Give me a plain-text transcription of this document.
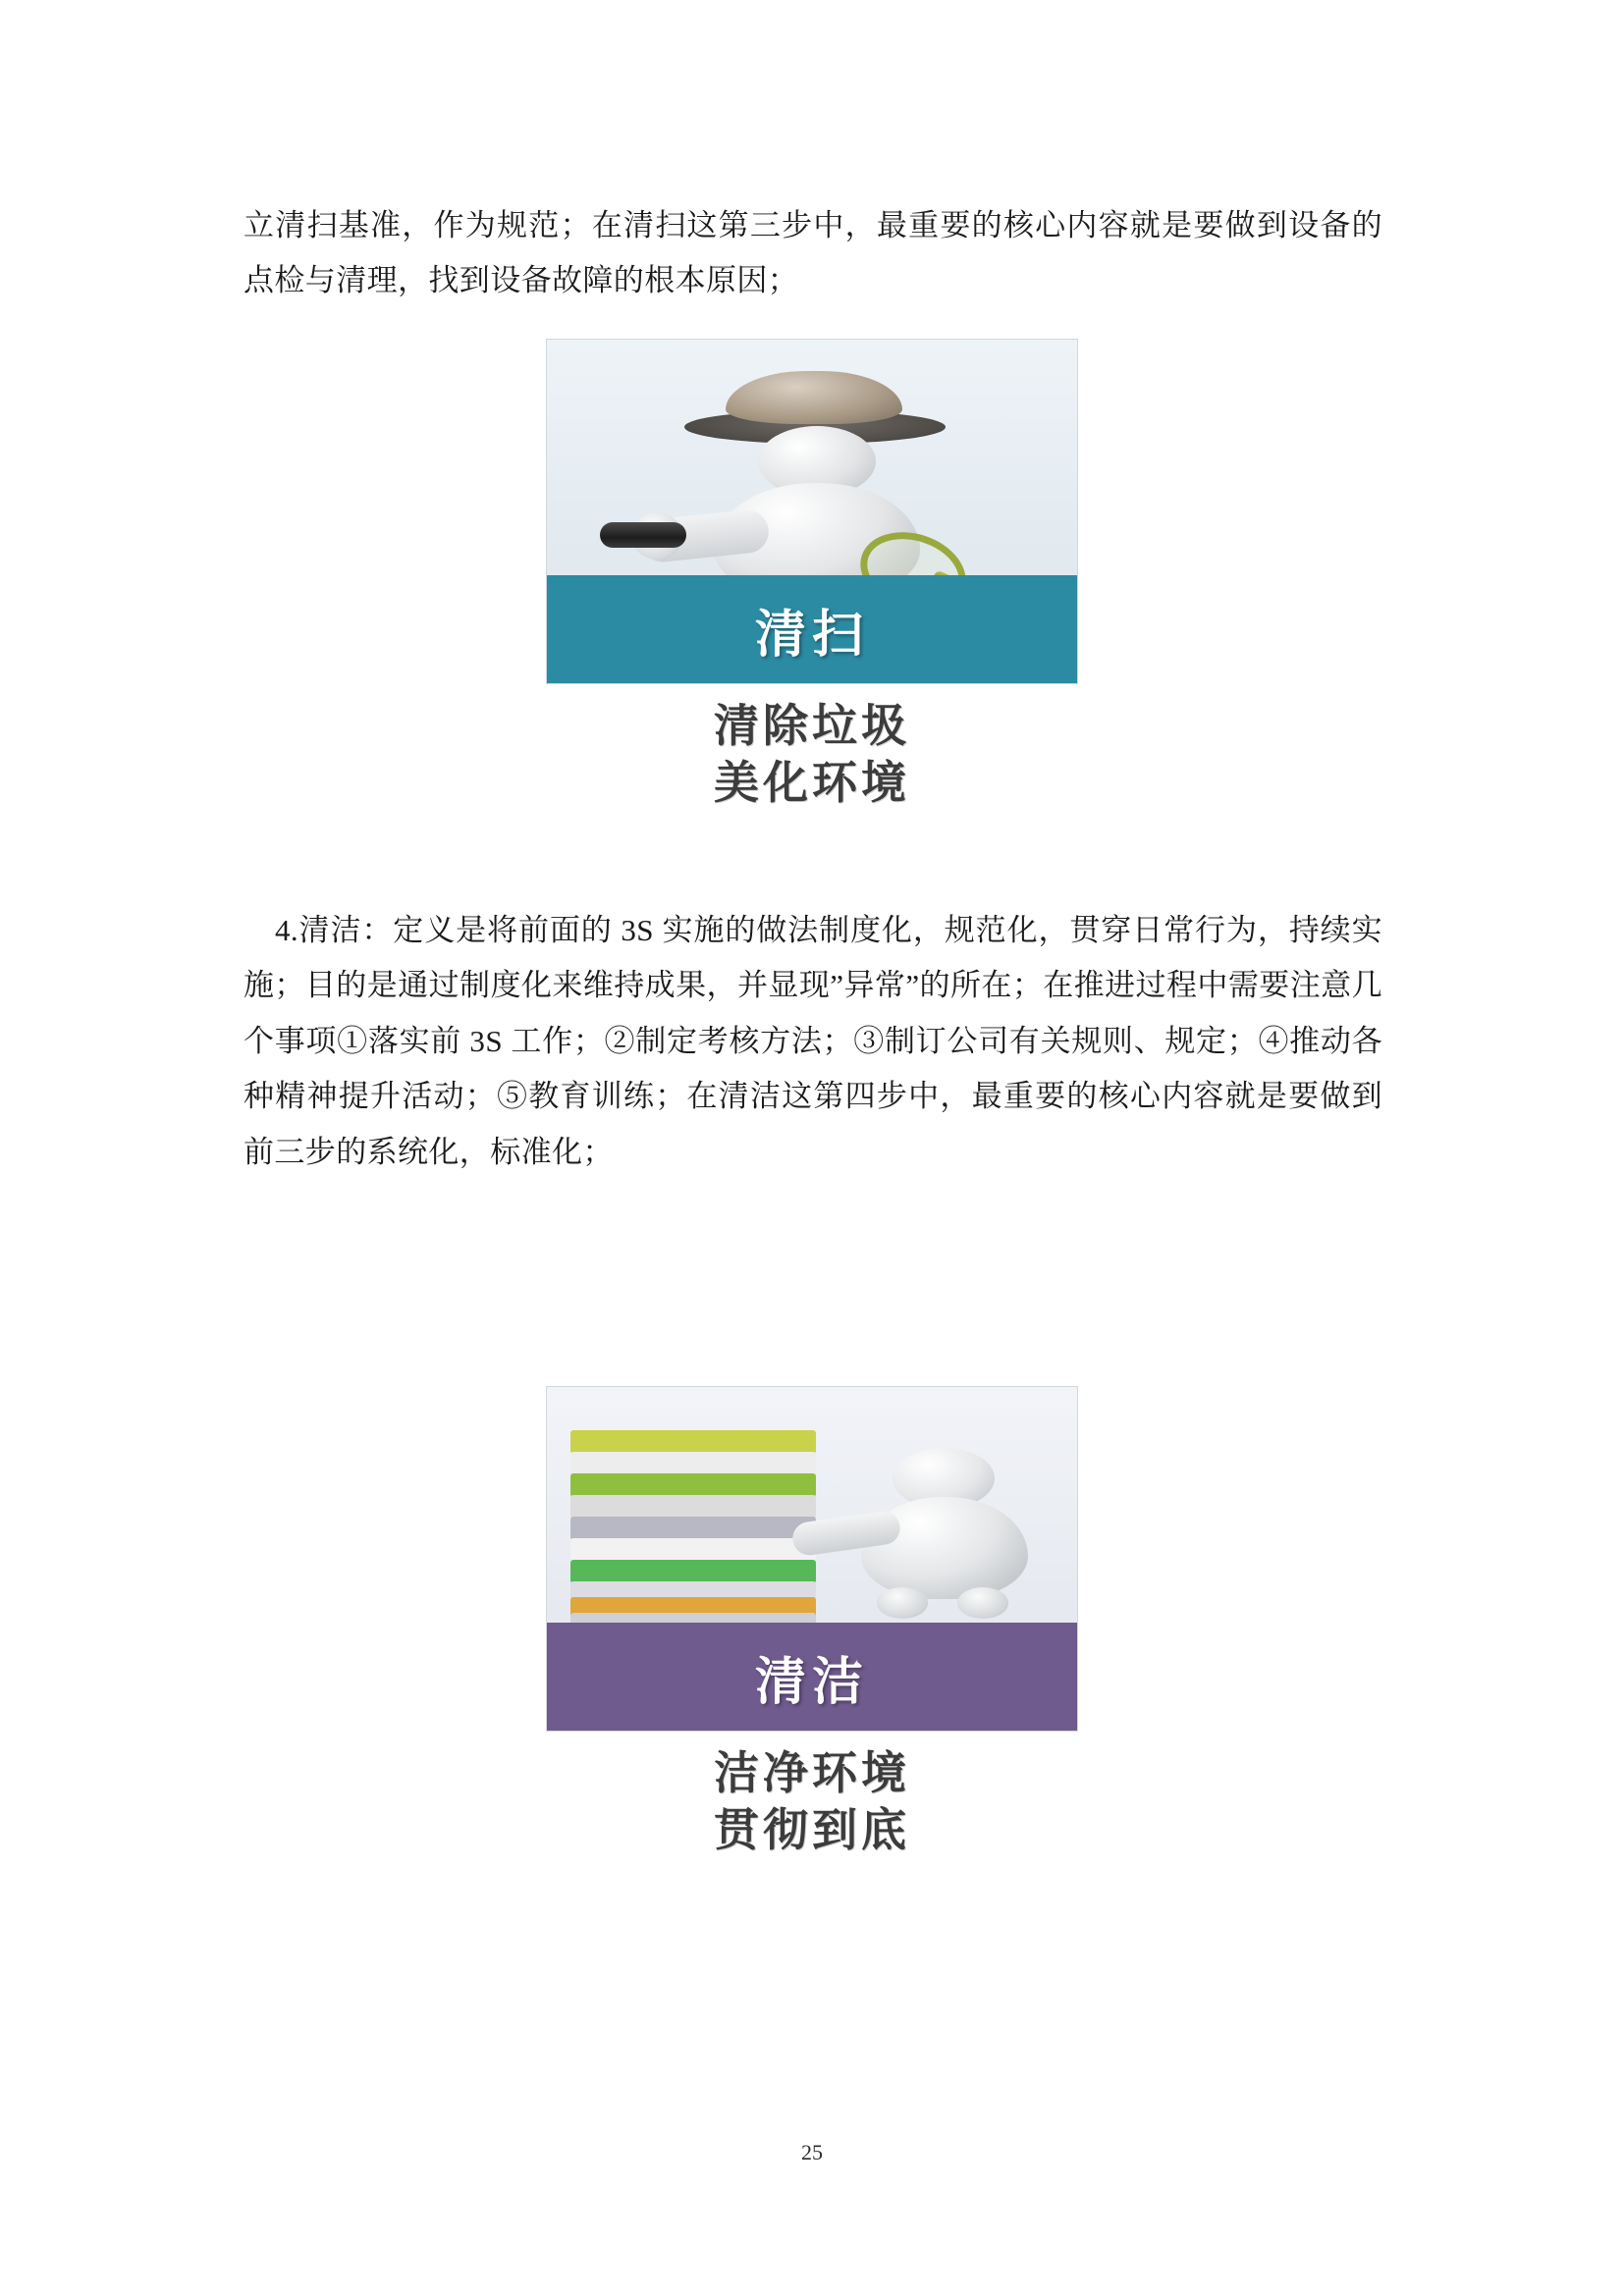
立清扫基准，作为规范；在清扫这第三步中，最重要的核心内容就是要做到设备的点检与清理，找到设备故障的根本原因；
清扫
清除垃圾
美化环境
4.清洁：定义是将前面的 3S 实施的做法制度化，规范化，贯穿日常行为，持续实施；目的是通过制度化来维持成果，并显现”异常”的所在；在推进过程中需要注意几个事项①落实前 3S 工作；②制定考核方法；③制订公司有关规则、规定；④推动各种精神提升活动；⑤教育训练；在清洁这第四步中，最重要的核心内容就是要做到前三步的系统化，标准化；
清洁
洁净环境
贯彻到底
25
